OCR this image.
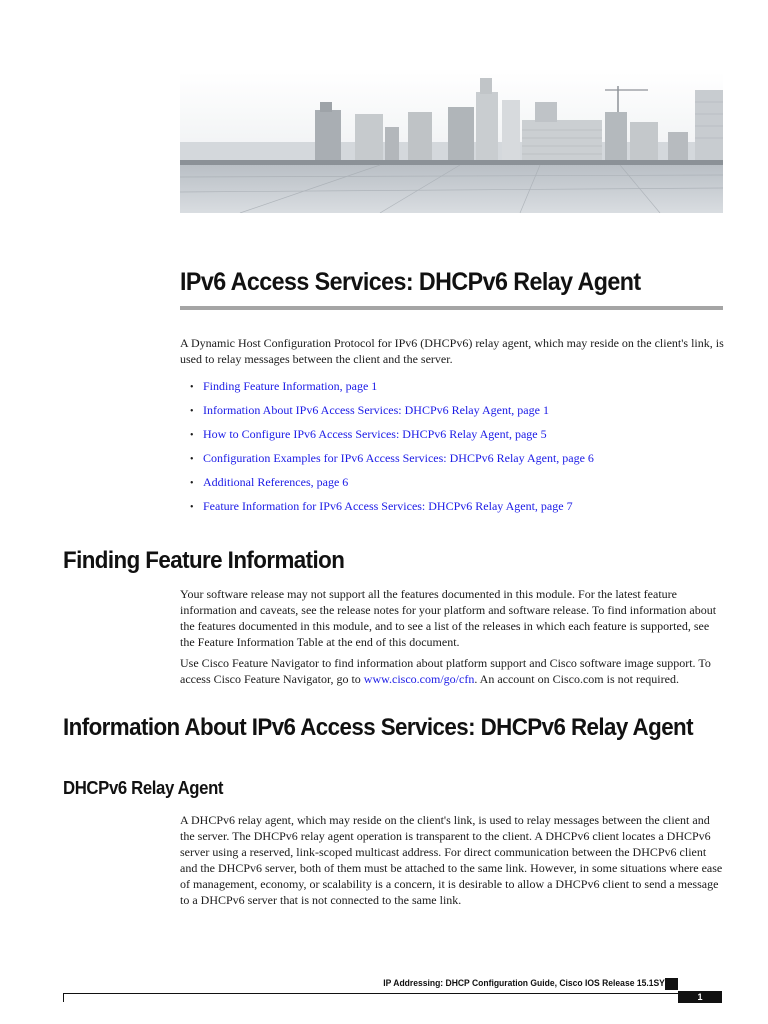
IPv6 Access Services: DHCPv6 Relay Agent

A Dynamic Host Configuration Protocol for IPv6 (DHCPv6) relay agent, which may reside on the client's link, is used to relay messages between the client and the server.

• Finding Feature Information, page 1
• Information About IPv6 Access Services: DHCPv6 Relay Agent, page 1
• How to Configure IPv6 Access Services: DHCPv6 Relay Agent, page 5
• Configuration Examples for IPv6 Access Services: DHCPv6 Relay Agent, page 6
• Additional References, page 6
• Feature Information for IPv6 Access Services: DHCPv6 Relay Agent, page 7
Finding Feature Information

Your software release may not support all the features documented in this module. For the latest feature information and caveats, see the release notes for your platform and software release. To find information about the features documented in this module, and to see a list of the releases in which each feature is supported, see the Feature Information Table at the end of this document.

Use Cisco Feature Navigator to find information about platform support and Cisco software image support. To access Cisco Feature Navigator, go to www.cisco.com/go/cfn. An account on Cisco.com is not required.

Information About IPv6 Access Services: DHCPv6 Relay Agent
DHCPv6 Relay Agent

A DHCPv6 relay agent, which may reside on the client's link, is used to relay messages between the client and the server. The DHCPv6 relay agent operation is transparent to the client. A DHCPv6 client locates a DHCPv6 server using a reserved, link-scoped multicast address. For direct communication between the DHCPv6 client and the DHCPv6 server, both of them must be attached to the same link. However, in some situations where ease of management, economy, or scalability is a concern, it is desirable to allow a DHCPv6 client to send a message to a DHCPv6 server that is not connected to the same link.

IP Addressing: DHCP Configuration Guide, Cisco IOS Release 15.1SY
1
